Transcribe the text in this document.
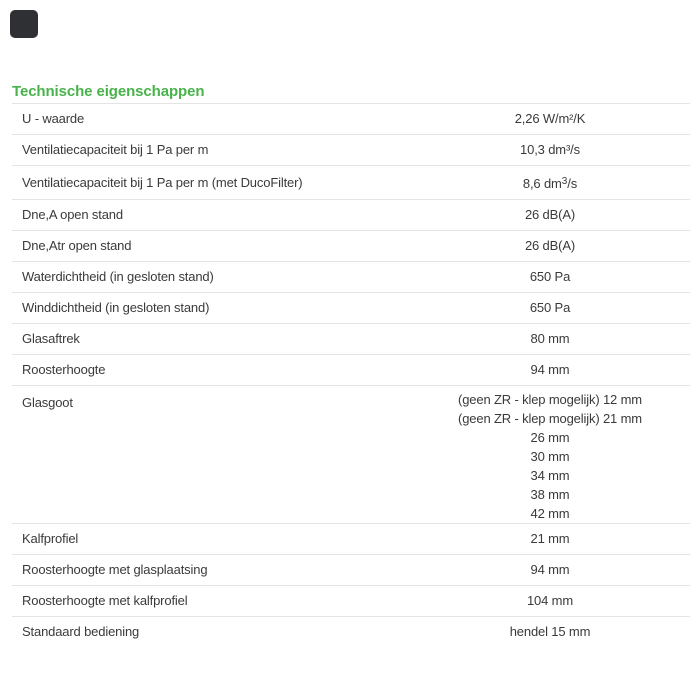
Technische eigenschappen
U - waarde	2,26 W/m²/K
Ventilatiecapaciteit bij 1 Pa per m	10,3 dm³/s
Ventilatiecapaciteit bij 1 Pa per m (met DucoFilter)	8,6 $dm^3/s$
Dne,A open stand	26 dB(A)
Dne,Atr open stand	26 dB(A)
Waterdichtheid (in gesloten stand)	650 Pa
Winddichtheid (in gesloten stand)	650 Pa
Glasaftrek	80 mm
Roosterhoogte	94 mm
Glasgoot	(geen ZR - klep mogelijk) 12 mm
(geen ZR - klep mogelijk) 21 mm
26 mm
30 mm
34 mm
38 mm
42 mm
Kalfprofiel	21 mm
Roosterhoogte met glasplaatsing	94 mm
Roosterhoogte met kalfprofiel	104 mm
Standaard bediening	hendel 15 mm
